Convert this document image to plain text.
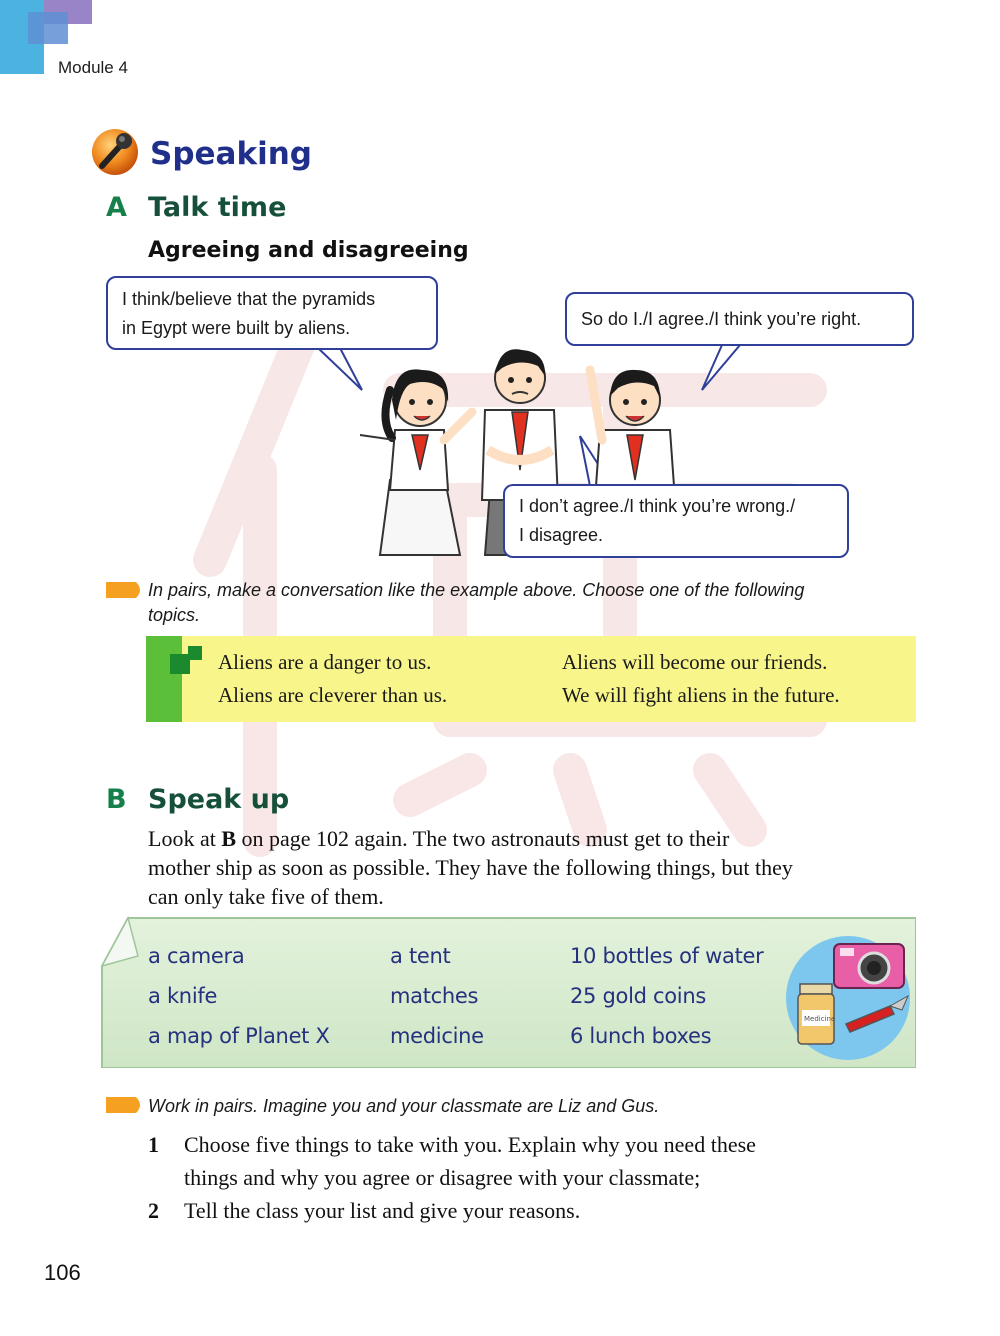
Module 4
Speaking
A Talk time
Agreeing and disagreeing
I think/believe that the pyramids
in Egypt were built by aliens.	So do I./I agree./I think you’re right.
I don’t agree./I think you’re wrong./
I disagree.
In pairs, make a conversation like the example above. Choose one of the following
topics.
Aliens are a danger to us.	Aliens will become our friends.
Aliens are cleverer than us.	We will fight aliens in the future.
B Speak up
Look at B on page 102 again. The two astronauts must get to their
mother ship as soon as possible. They have the following things, but they
can only take five of them.
a camera	a tent	10 bottles of water
a knife	matches	25 gold coins
a map of Planet X	medicine	6 lunch boxes
Medicine
Work in pairs. Imagine you and your classmate are Liz and Gus.
1 Choose five things to take with you. Explain why you need these
things and why you agree or disagree with your classmate;
2 Tell the class your list and give your reasons.
106
